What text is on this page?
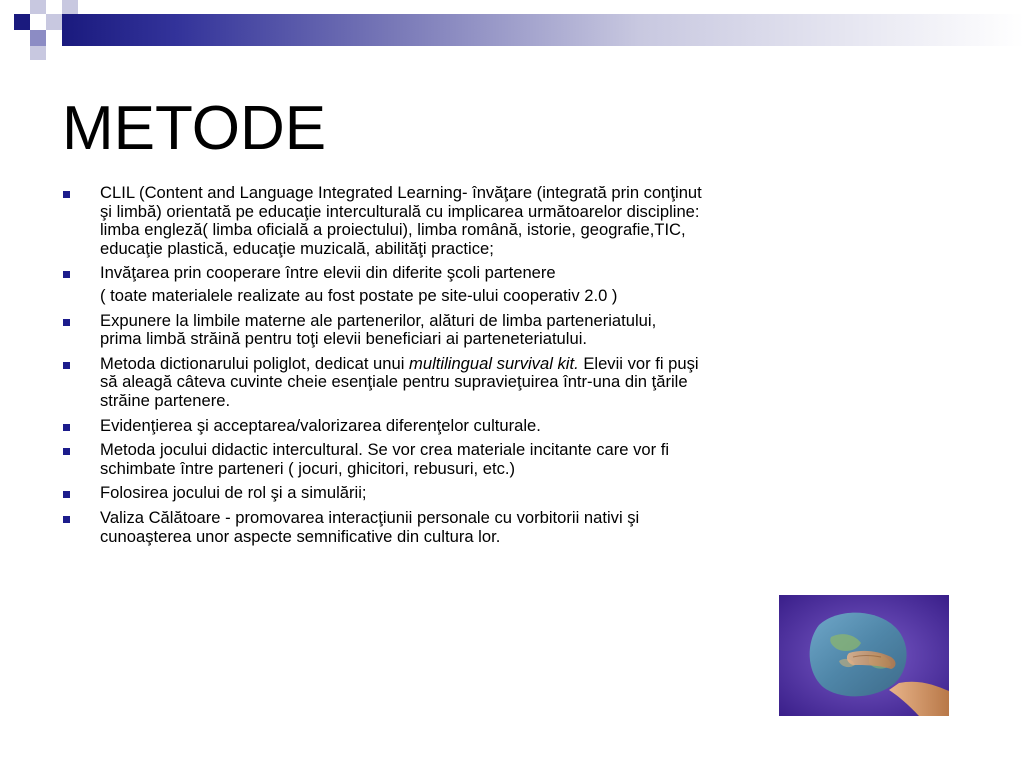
METODE
CLIL (Content and Language Integrated Learning- învăţare (integrată prin conţinut şi limbă) orientată pe educaţie interculturală cu implicarea următoarelor discipline: limba engleză( limba oficială a proiectului), limba română, istorie, geografie,TIC, educaţie plastică, educaţie muzicală, abilităţi practice;
Invăţarea prin cooperare între elevii din diferite şcoli partenere
( toate materialele realizate au fost postate pe site-ului cooperativ 2.0 )
Expunere la limbile materne ale partenerilor, alături de limba parteneriatului, prima limbă străină pentru toţi elevii beneficiari ai parteneteriatului.
Metoda dictionarului poliglot, dedicat unui multilingual survival kit. Elevii vor fi puşi să aleagă câteva cuvinte cheie esenţiale pentru supravieţuirea într-una din ţările străine partenere.
Evidenţierea şi acceptarea/valorizarea diferenţelor culturale.
Metoda jocului didactic intercultural. Se vor crea materiale incitante care vor fi schimbate între parteneri ( jocuri, ghicitori, rebusuri, etc.)
Folosirea jocului de rol şi a simulării;
Valiza Călătoare - promovarea interacţiunii personale cu vorbitorii nativi şi cunoaşterea unor aspecte semnificative din cultura lor.
